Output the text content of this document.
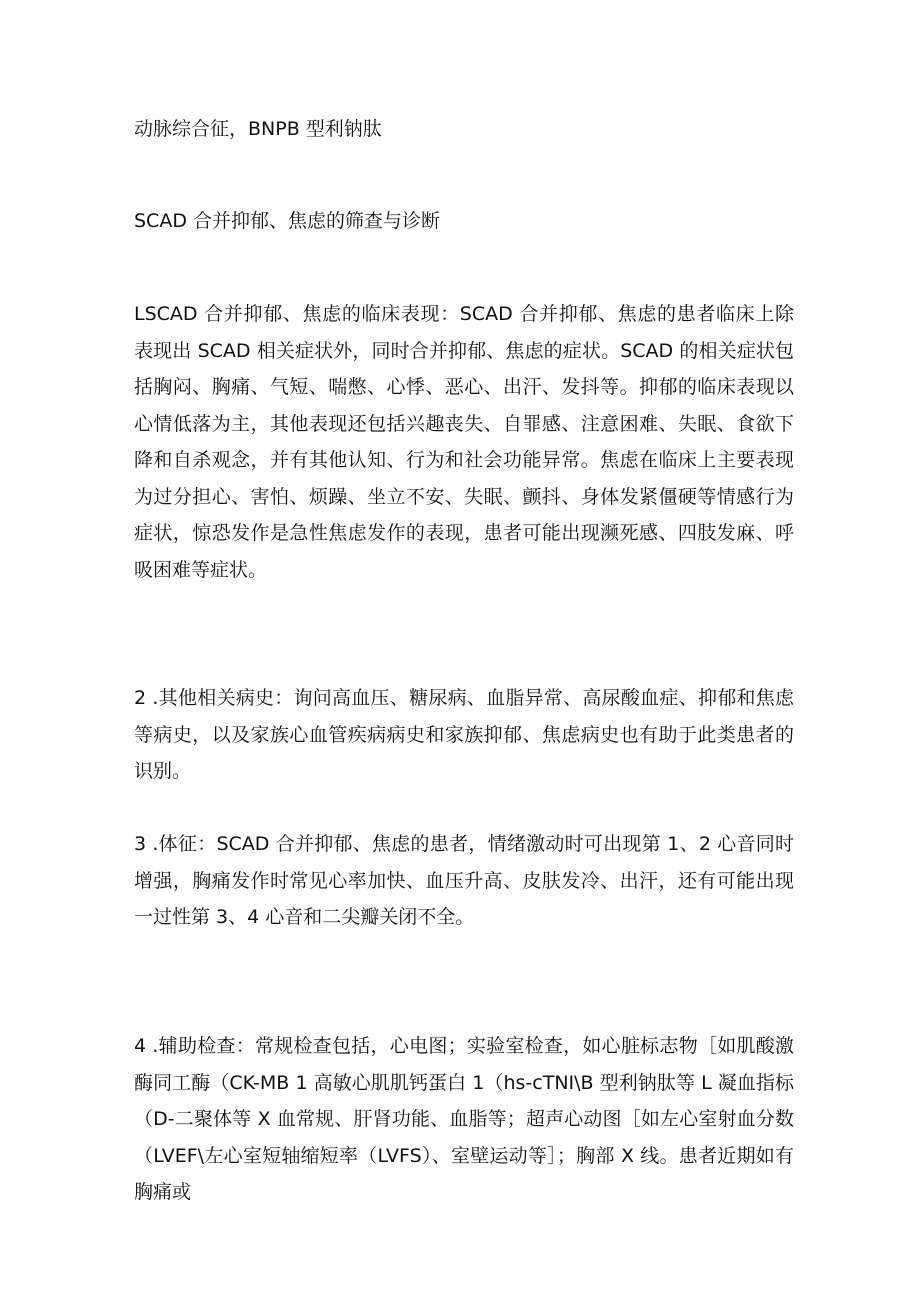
动脉综合征，BNPB 型利钠肽

SCAD 合并抑郁、焦虑的筛查与诊断

LSCAD 合并抑郁、焦虑的临床表现：SCAD 合并抑郁、焦虑的患者临床上除表现出 SCAD 相关症状外，同时合并抑郁、焦虑的症状。SCAD 的相关症状包括胸闷、胸痛、气短、喘憋、心悸、恶心、出汗、发抖等。抑郁的临床表现以心情低落为主，其他表现还包括兴趣丧失、自罪感、注意困难、失眠、食欲下降和自杀观念，并有其他认知、行为和社会功能异常。焦虑在临床上主要表现为过分担心、害怕、烦躁、坐立不安、失眠、颤抖、身体发紧僵硬等情感行为症状，惊恐发作是急性焦虑发作的表现，患者可能出现濒死感、四肢发麻、呼吸困难等症状。

2 .其他相关病史：询问高血压、糖尿病、血脂异常、高尿酸血症、抑郁和焦虑等病史，以及家族心血管疾病病史和家族抑郁、焦虑病史也有助于此类患者的识别。

3 .体征：SCAD 合并抑郁、焦虑的患者，情绪激动时可出现第 1、2 心音同时增强，胸痛发作时常见心率加快、血压升高、皮肤发冷、出汗，还有可能出现一过性第 3、4 心音和二尖瓣关闭不全。

4 .辅助检查：常规检查包括，心电图；实验室检查，如心脏标志物［如肌酸激酶同工酶（CK-MB 1 高敏心肌肌钙蛋白 1（hs-cTNI\B 型利钠肽等 L 凝血指标（D-二聚体等 X 血常规、肝肾功能、血脂等；超声心动图［如左心室射血分数（LVEF\左心室短轴缩短率（LVFS）、室壁运动等］；胸部 X 线。患者近期如有胸痛或
